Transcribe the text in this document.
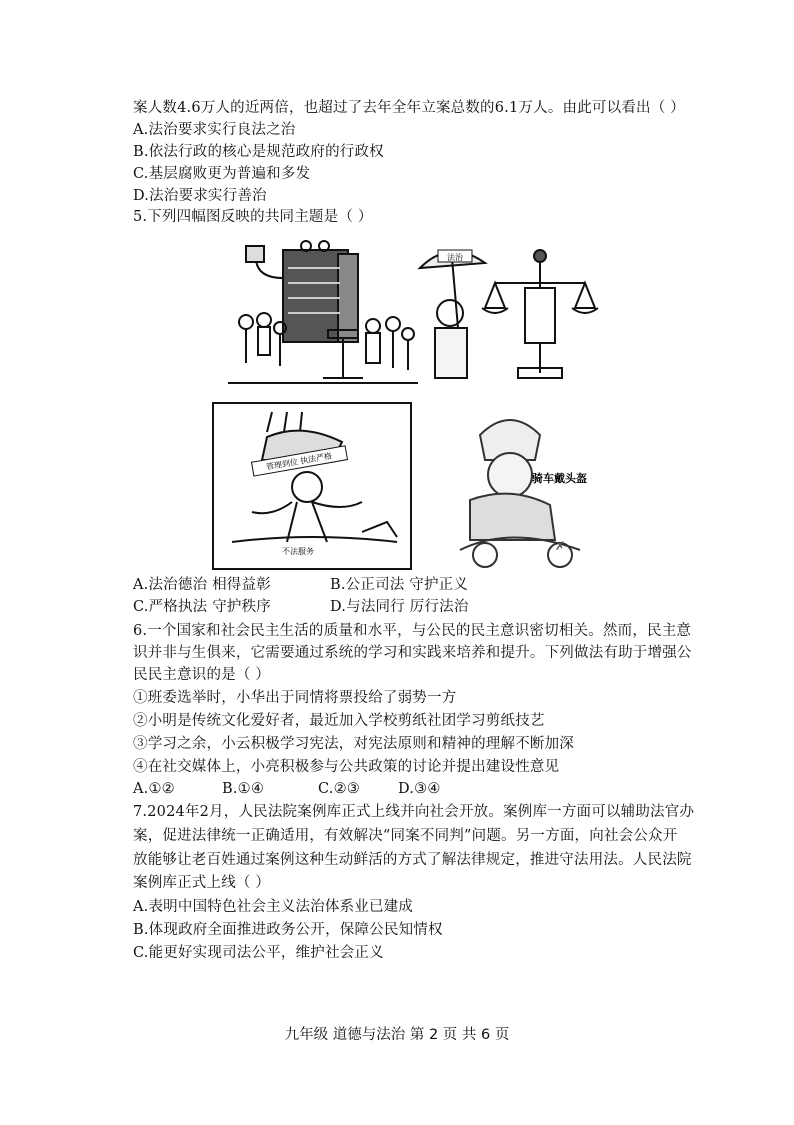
案人数4.6万人的近两倍，也超过了去年全年立案总数的6.1万人。由此可以看出（ ）
A.法治要求实行良法之治
B.依法行政的核心是规范政府的行政权
C.基层腐败更为普遍和多发
D.法治要求实行善治
5.下列四幅图反映的共同主题是（ ）
法治
管理到位 执法严格
不法服务	✗
骑车戴头盔
A.法治德治 相得益彰	B.公正司法 守护正义
C.严格执法 守护秩序	D.与法同行 厉行法治
6.一个国家和社会民主生活的质量和水平，与公民的民主意识密切相关。然而，民主意
识并非与生俱来，它需要通过系统的学习和实践来培养和提升。下列做法有助于增强公
民民主意识的是（ ）
①班委选举时，小华出于同情将票投给了弱势一方
②小明是传统文化爱好者，最近加入学校剪纸社团学习剪纸技艺
③学习之余，小云积极学习宪法，对宪法原则和精神的理解不断加深
④在社交媒体上，小亮积极参与公共政策的讨论并提出建设性意见
A.①②	B.①④	C.②③	D.③④
7.2024年2月，人民法院案例库正式上线并向社会开放。案例库一方面可以辅助法官办
案，促进法律统一正确适用，有效解决“同案不同判”问题。另一方面，向社会公众开
放能够让老百姓通过案例这种生动鲜活的方式了解法律规定，推进守法用法。人民法院
案例库正式上线（ ）
A.表明中国特色社会主义法治体系业已建成
B.体现政府全面推进政务公开，保障公民知情权
C.能更好实现司法公平，维护社会正义
九年级 道德与法治 第 2 页 共 6 页
